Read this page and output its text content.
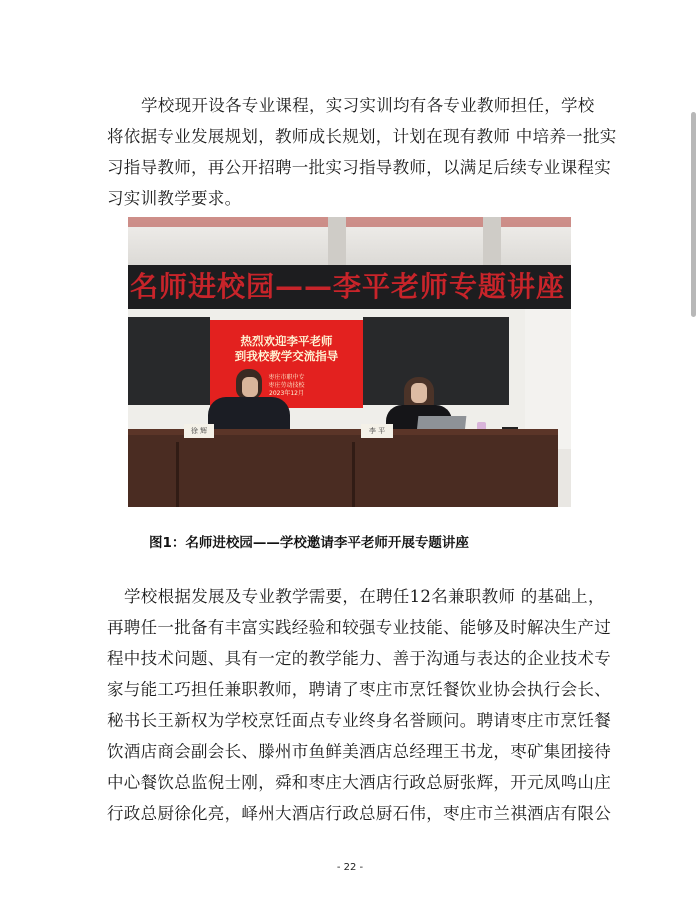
学校现开设各专业课程，实习实训均有各专业教师担任，学校
将依据专业发展规划，教师成长规划，计划在现有教师 中培养一批实
习指导教师，再公开招聘一批实习指导教师，以满足后续专业课程实
习实训教学要求。
名师进校园——李平老师专题讲座
热烈欢迎李平老师
到我校教学交流指导
枣庄市职中专
枣庄劳动技校
2023年12月
徐 辉	李 平

图1：名师进校园——学校邀请李平老师开展专题讲座

学校根据发展及专业教学需要，在聘任12名兼职教师 的基础上，
再聘任一批备有丰富实践经验和较强专业技能、能够及时解决生产过
程中技术问题、具有一定的教学能力、善于沟通与表达的企业技术专
家与能工巧担任兼职教师，聘请了枣庄市烹饪餐饮业协会执行会长、
秘书长王新权为学校烹饪面点专业终身名誉顾问。聘请枣庄市烹饪餐
饮酒店商会副会长、滕州市鱼鲜美酒店总经理王书龙，枣矿集团接待
中心餐饮总监倪士刚，舜和枣庄大酒店行政总厨张辉，开元凤鸣山庄
行政总厨徐化亮，峄州大酒店行政总厨石伟，枣庄市兰祺酒店有限公

- 22 -
